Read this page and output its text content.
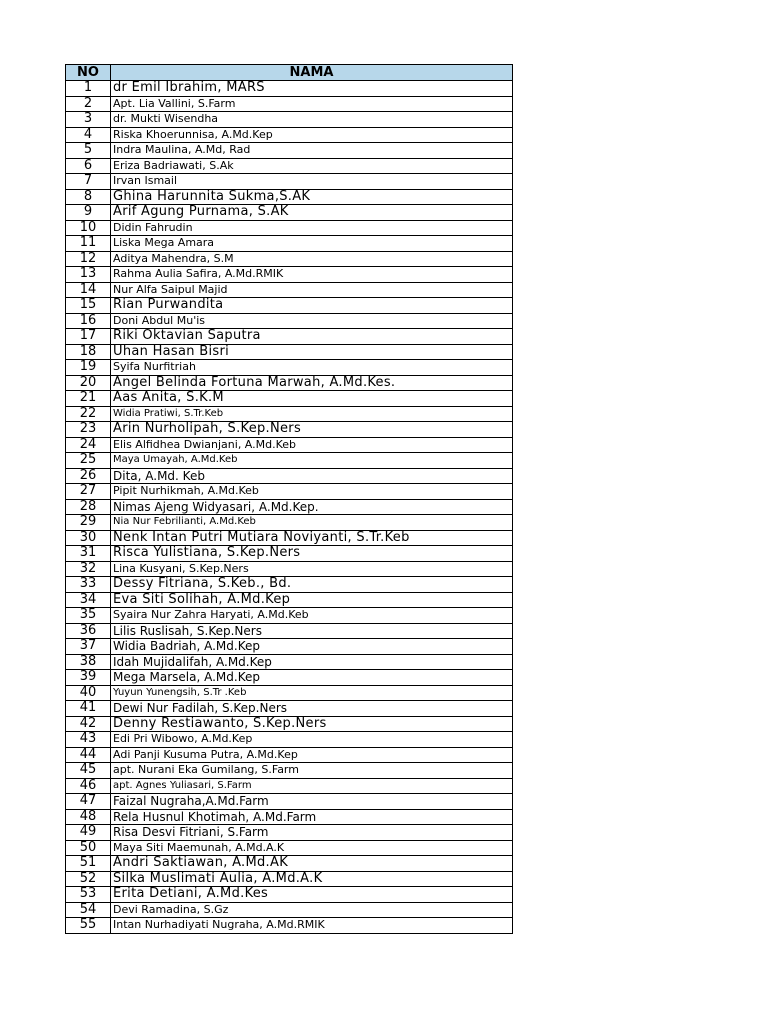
NO	NAMA
1	dr Emil Ibrahim, MARS
2	Apt. Lia Vallini, S.Farm
3	dr. Mukti Wisendha
4	Riska Khoerunnisa, A.Md.Kep
5	Indra Maulina, A.Md, Rad
6	Eriza Badriawati, S.Ak
7	Irvan Ismail
8	Ghina Harunnita Sukma,S.AK
9	Arif Agung Purnama, S.AK
10	Didin Fahrudin
11	Liska Mega Amara
12	Aditya Mahendra, S.M
13	Rahma Aulia Safira, A.Md.RMIK
14	Nur Alfa Saipul Majid
15	Rian Purwandita
16	Doni Abdul Mu'is
17	Riki Oktavian Saputra
18	Uhan Hasan Bisri
19	Syifa Nurfitriah
20	Angel Belinda Fortuna Marwah, A.Md.Kes.
21	Aas Anita, S.K.M
22	Widia Pratiwi, S.Tr.Keb
23	Arin Nurholipah, S.Kep.Ners
24	Elis Alfidhea Dwianjani, A.Md.Keb
25	Maya Umayah, A.Md.Keb
26	Dita, A.Md. Keb
27	Pipit Nurhikmah, A.Md.Keb
28	Nimas Ajeng Widyasari, A.Md.Kep.
29	Nia Nur Febrilianti, A.Md.Keb
30	Nenk Intan Putri Mutiara Noviyanti, S.Tr.Keb
31	Risca Yulistiana, S.Kep.Ners
32	Lina Kusyani, S.Kep.Ners
33	Dessy Fitriana, S.Keb., Bd.
34	Eva Siti Solihah, A.Md.Kep
35	Syaira Nur Zahra Haryati, A.Md.Keb
36	Lilis Ruslisah, S.Kep.Ners
37	Widia Badriah, A.Md.Kep
38	Idah Mujidalifah, A.Md.Kep
39	Mega Marsela, A.Md.Kep
40	Yuyun Yunengsih, S.Tr .Keb
41	Dewi Nur Fadilah, S.Kep.Ners
42	Denny Restiawanto, S.Kep.Ners
43	Edi Pri Wibowo, A.Md.Kep
44	Adi Panji Kusuma Putra, A.Md.Kep
45	apt. Nurani Eka Gumilang, S.Farm
46	apt. Agnes Yuliasari, S.Farm
47	Faizal Nugraha,A.Md.Farm
48	Rela Husnul Khotimah, A.Md.Farm
49	Risa Desvi Fitriani, S.Farm
50	Maya Siti Maemunah, A.Md.A.K
51	Andri Saktiawan, A.Md.AK
52	Silka Muslimati Aulia, A.Md.A.K
53	Erita Detiani, A.Md.Kes
54	Devi Ramadina, S.Gz
55	Intan Nurhadiyati Nugraha, A.Md.RMIK
